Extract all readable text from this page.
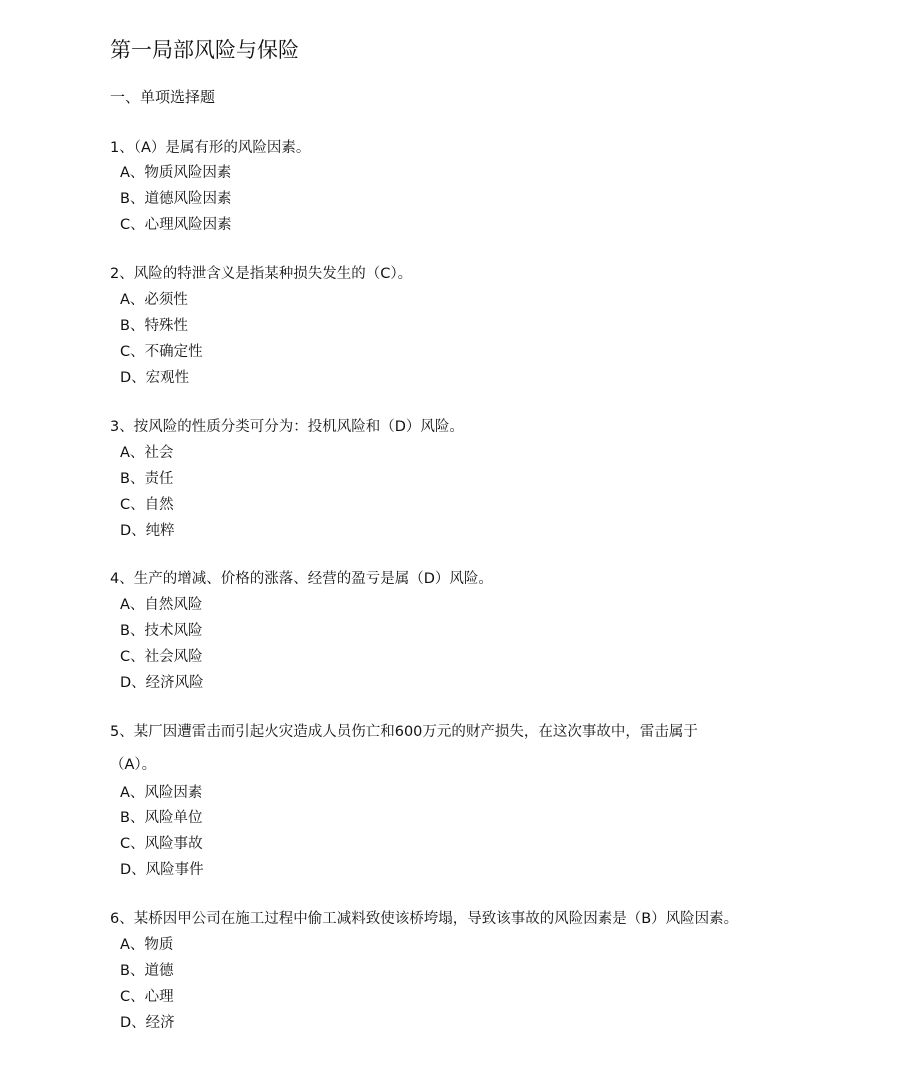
第一局部风险与保险
一、单项选择题
1、（A）是属有形的风险因素。
A、物质风险因素
B、道德风险因素
C、心理风险因素
2、风险的特泄含义是指某种损失发生的（C）。
A、必须性
B、特殊性
C、不确定性
D、宏观性
3、按风险的性质分类可分为：投机风险和（D）风险。
A、社会
B、责任
C、自然
D、纯粹
4、生产的增减、价格的涨落、经营的盈亏是属（D）风险。
A、自然风险
B、技术风险
C、社会风险
D、经济风险
5、某厂因遭雷击而引起火灾造成人员伤亡和600万元的财产损失，在这次事故中，雷击属于
（A）。
A、风险因素
B、风险单位
C、风险事故
D、风险事件
6、某桥因甲公司在施工过程中偷工减料致使该桥垮塌，导致该事故的风险因素是（B）风险因素。
A、物质
B、道德
C、心理
D、经济
